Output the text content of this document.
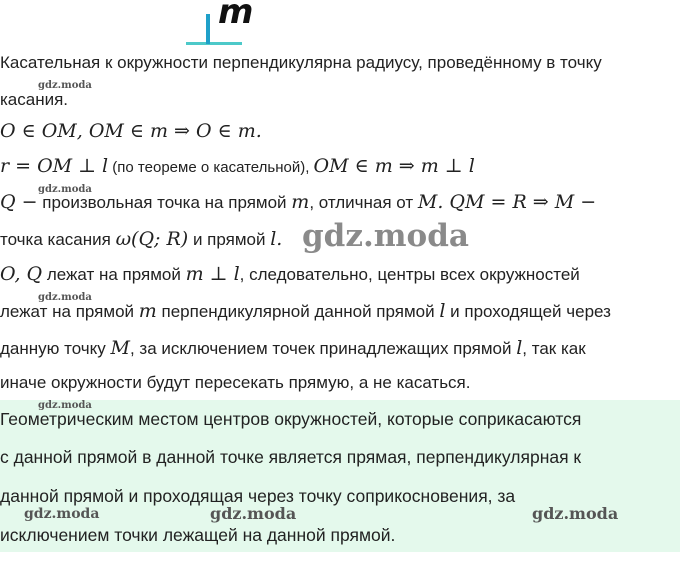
m
Касательная к окружности перпендикулярна радиусу, проведённому в точку
gdz.moda
касания.
O ∈ OM, OM ∈ m ⇒ O ∈ m.
r = OM ⊥ l (по теореме о касательной), OM ∈ m ⇒ m ⊥ l
gdz.moda
Q − произвольная точка на прямой m, отличная от M. QM = R ⇒ M −
точка касания ω(Q; R) и прямой l. gdz.moda
O, Q лежат на прямой m ⊥ l, следовательно, центры всех окружностей
gdz.moda
лежат на прямой m перпендикулярной данной прямой l и проходящей через
данную точку M, за исключением точек принадлежащих прямой l, так как
иначе окружности будут пересекать прямую, а не касаться.
gdz.moda
Геометрическим местом центров окружностей, которые соприкасаются
с данной прямой в данной точке является прямая, перпендикулярная к
данной прямой и проходящая через точку соприкосновения, за
gdz.moda	gdz.moda	gdz.moda
исключением точки лежащей на данной прямой.
